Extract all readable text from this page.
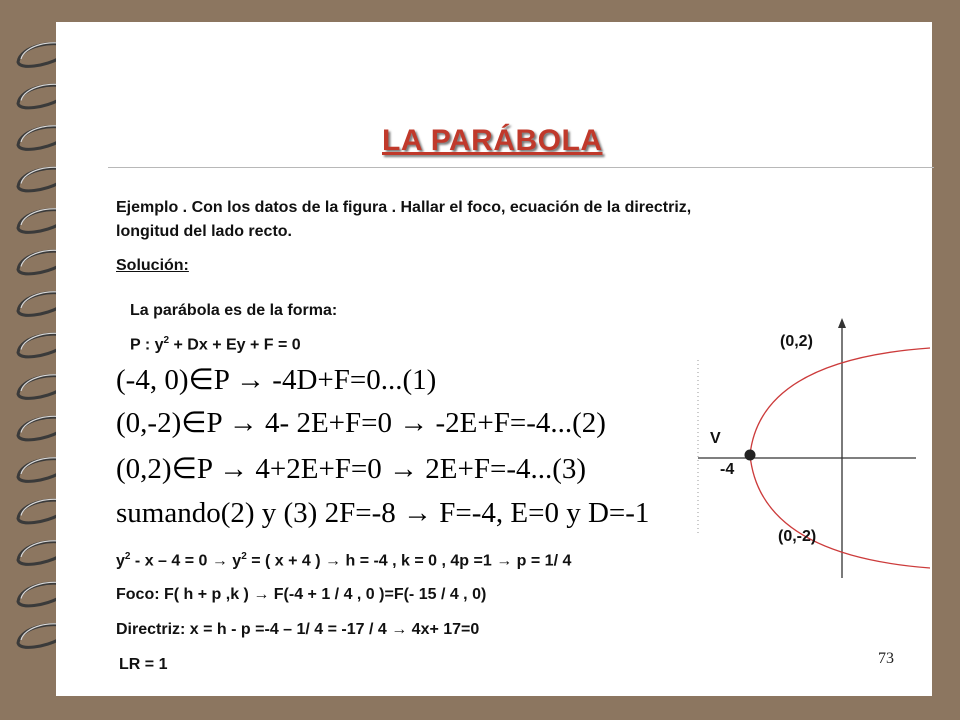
LA PARÁBOLA
Ejemplo . Con los datos de la figura . Hallar el foco, ecuación de la directriz,
longitud del lado recto.
Solución:
La parábola es de la forma:
P : $y^2 + Dx + Ey + F = 0$
(-4, 0)∈P → -4D+F=0...(1)
(0,-2)∈P → 4- 2E+F=0 → -2E+F=-4...(2)
(0,2)∈P → 4+2E+F=0 → 2E+F=-4...(3)
sumando(2) y (3) 2F=-8 → F=-4, E=0 y D=-1
$y^2 - x - 4 = 0 \to y^2$ = ( x + 4 ) → h = -4 , k = 0 , 4p =1 → p = 1/ 4
Foco: F( h + p ,k ) → F(-4 + 1 / 4 , 0 )=F(- 15 / 4 , 0)
Directriz: x = h - p =-4 – 1/ 4 = -17 / 4 → 4x+ 17=0
LR = 1
(0,2)
(0,-2)
V
-4
73
